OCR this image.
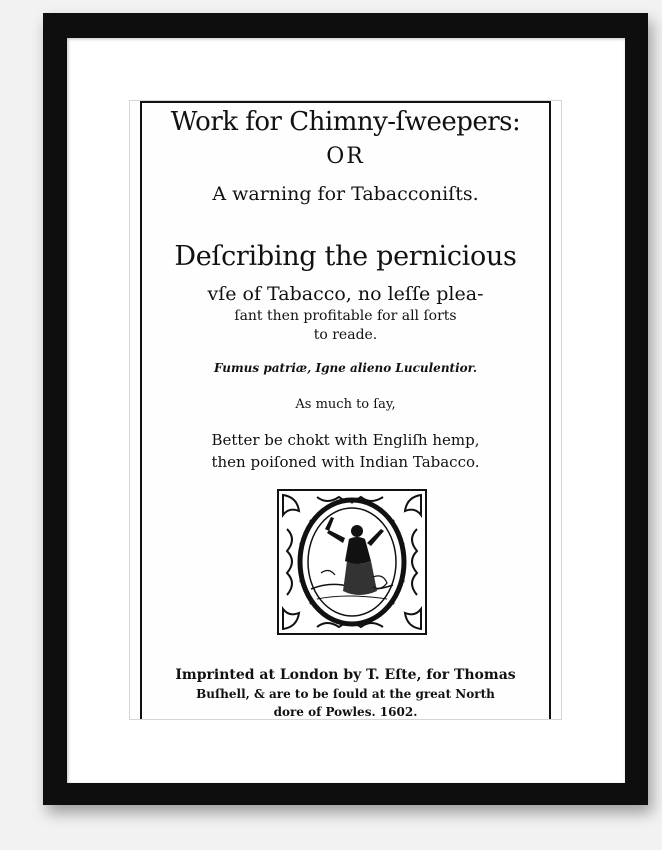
Work for Chimny-ſweepers:
OR
A warning for Tabacconiſts.
Deſcribing the pernicious
vſe of Tabacco, no leſſe plea-
ſant then profitable for all ſorts
to reade.
Fumus patriæ, Igne alieno Luculentior.
As much to ſay,
Better be chokt with Engliſh hemp,
then poiſoned with Indian Tabacco.
Imprinted at London by T. Eſte, for Thomas
Buſhell, & are to be ſould at the great North
dore of Powles. 1602.
